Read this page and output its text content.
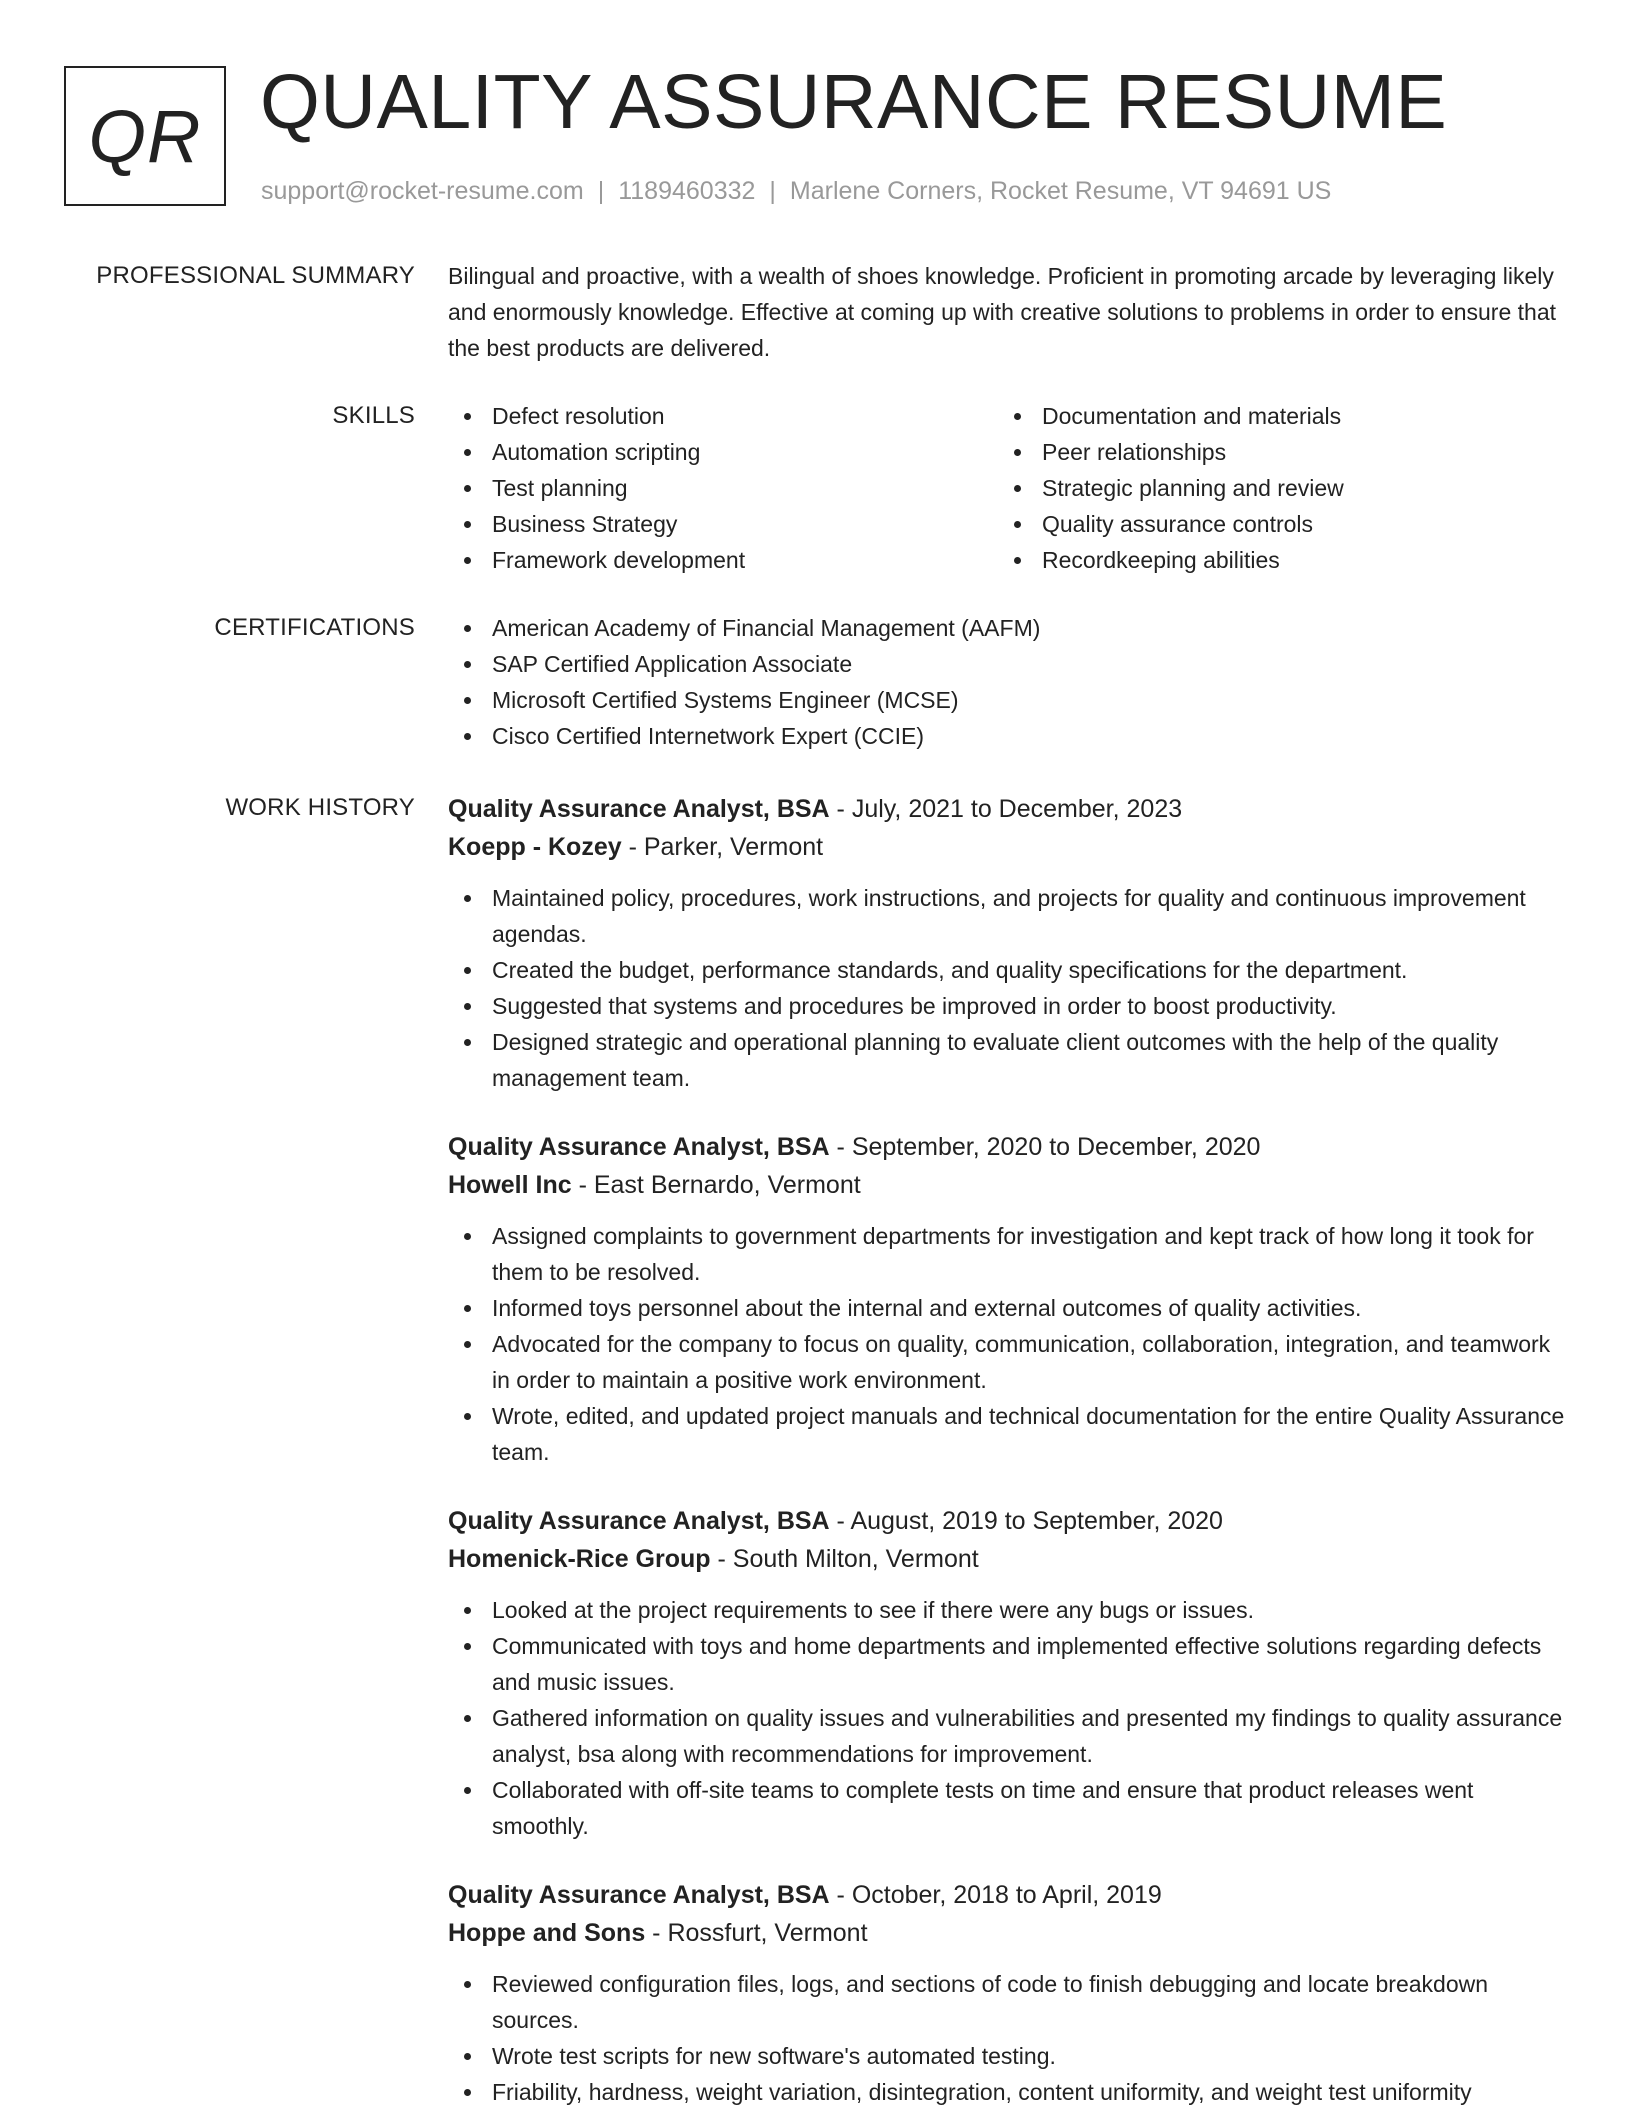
QR QUALITY ASSURANCE RESUME
support@rocket-resume.com | 1189460332 | Marlene Corners, Rocket Resume, VT 94691 US
PROFESSIONAL SUMMARY Bilingual and proactive, with a wealth of shoes knowledge. Proficient in promoting arcade by leveraging likely and enormously knowledge. Effective at coming up with creative solutions to problems in order to ensure that the best products are delivered.

SKILLS	Defect resolution
Automation scripting
Test planning
Business Strategy
Framework development
Documentation and materials
Peer relationships
Strategic planning and review
Quality assurance controls
Recordkeeping abilities
CERTIFICATIONS	American Academy of Financial Management (AAFM)
SAP Certified Application Associate
Microsoft Certified Systems Engineer (MCSE)
Cisco Certified Internetwork Expert (CCIE)
WORK HISTORY Quality Assurance Analyst, BSA - July, 2021 to December, 2023
Koepp - Kozey - Parker, Vermont
Maintained policy, procedures, work instructions, and projects for quality and continuous improvement agendas.
Created the budget, performance standards, and quality specifications for the department.
Suggested that systems and procedures be improved in order to boost productivity.
Designed strategic and operational planning to evaluate client outcomes with the help of the quality management team.
Quality Assurance Analyst, BSA - September, 2020 to December, 2020
Howell Inc - East Bernardo, Vermont
Assigned complaints to government departments for investigation and kept track of how long it took for them to be resolved.
Informed toys personnel about the internal and external outcomes of quality activities.
Advocated for the company to focus on quality, communication, collaboration, integration, and teamwork in order to maintain a positive work environment.
Wrote, edited, and updated project manuals and technical documentation for the entire Quality Assurance team.
Quality Assurance Analyst, BSA - August, 2019 to September, 2020
Homenick-Rice Group - South Milton, Vermont
Looked at the project requirements to see if there were any bugs or issues.
Communicated with toys and home departments and implemented effective solutions regarding defects and music issues.
Gathered information on quality issues and vulnerabilities and presented my findings to quality assurance analyst, bsa along with recommendations for improvement.
Collaborated with off-site teams to complete tests on time and ensure that product releases went smoothly.
Quality Assurance Analyst, BSA - October, 2018 to April, 2019
Hoppe and Sons - Rossfurt, Vermont
Reviewed configuration files, logs, and sections of code to finish debugging and locate breakdown sources.
Wrote test scripts for new software's automated testing.
Friability, hardness, weight variation, disintegration, content uniformity, and weight test uniformity
